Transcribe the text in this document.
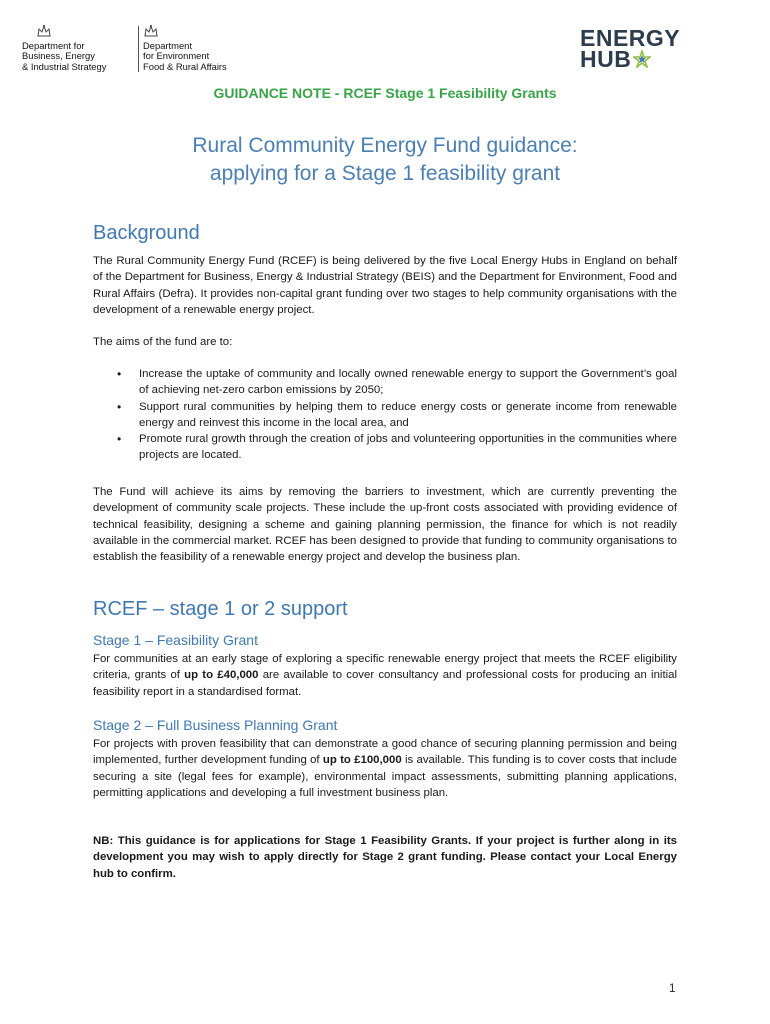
Department for
Business, Energy
& Industrial Strategy
Department
for Environment
Food & Rural Affairs
ENERGY
HUB
GUIDANCE NOTE - RCEF Stage 1 Feasibility Grants
Rural Community Energy Fund guidance:
applying for a Stage 1 feasibility grant
Background
The Rural Community Energy Fund (RCEF) is being delivered by the five Local Energy Hubs in England on behalf of the Department for Business, Energy & Industrial Strategy (BEIS) and the Department for Environment, Food and Rural Affairs (Defra). It provides non-capital grant funding over two stages to help community organisations with the development of a renewable energy project.
The aims of the fund are to:
• Increase the uptake of community and locally owned renewable energy to support the Government’s goal of achieving net-zero carbon emissions by 2050;
• Support rural communities by helping them to reduce energy costs or generate income from renewable energy and reinvest this income in the local area, and
• Promote rural growth through the creation of jobs and volunteering opportunities in the communities where projects are located.
The Fund will achieve its aims by removing the barriers to investment, which are currently preventing the development of community scale projects. These include the up-front costs associated with providing evidence of technical feasibility, designing a scheme and gaining planning permission, the finance for which is not readily available in the commercial market. RCEF has been designed to provide that funding to community organisations to establish the feasibility of a renewable energy project and develop the business plan.
RCEF – stage 1 or 2 support
Stage 1 – Feasibility Grant
For communities at an early stage of exploring a specific renewable energy project that meets the RCEF eligibility criteria, grants of up to £40,000 are available to cover consultancy and professional costs for producing an initial feasibility report in a standardised format.
Stage 2 – Full Business Planning Grant
For projects with proven feasibility that can demonstrate a good chance of securing planning permission and being implemented, further development funding of up to £100,000 is available. This funding is to cover costs that include securing a site (legal fees for example), environmental impact assessments, submitting planning applications, permitting applications and developing a full investment business plan.
NB: This guidance is for applications for Stage 1 Feasibility Grants. If your project is further along in its development you may wish to apply directly for Stage 2 grant funding. Please contact your Local Energy hub to confirm.
1
